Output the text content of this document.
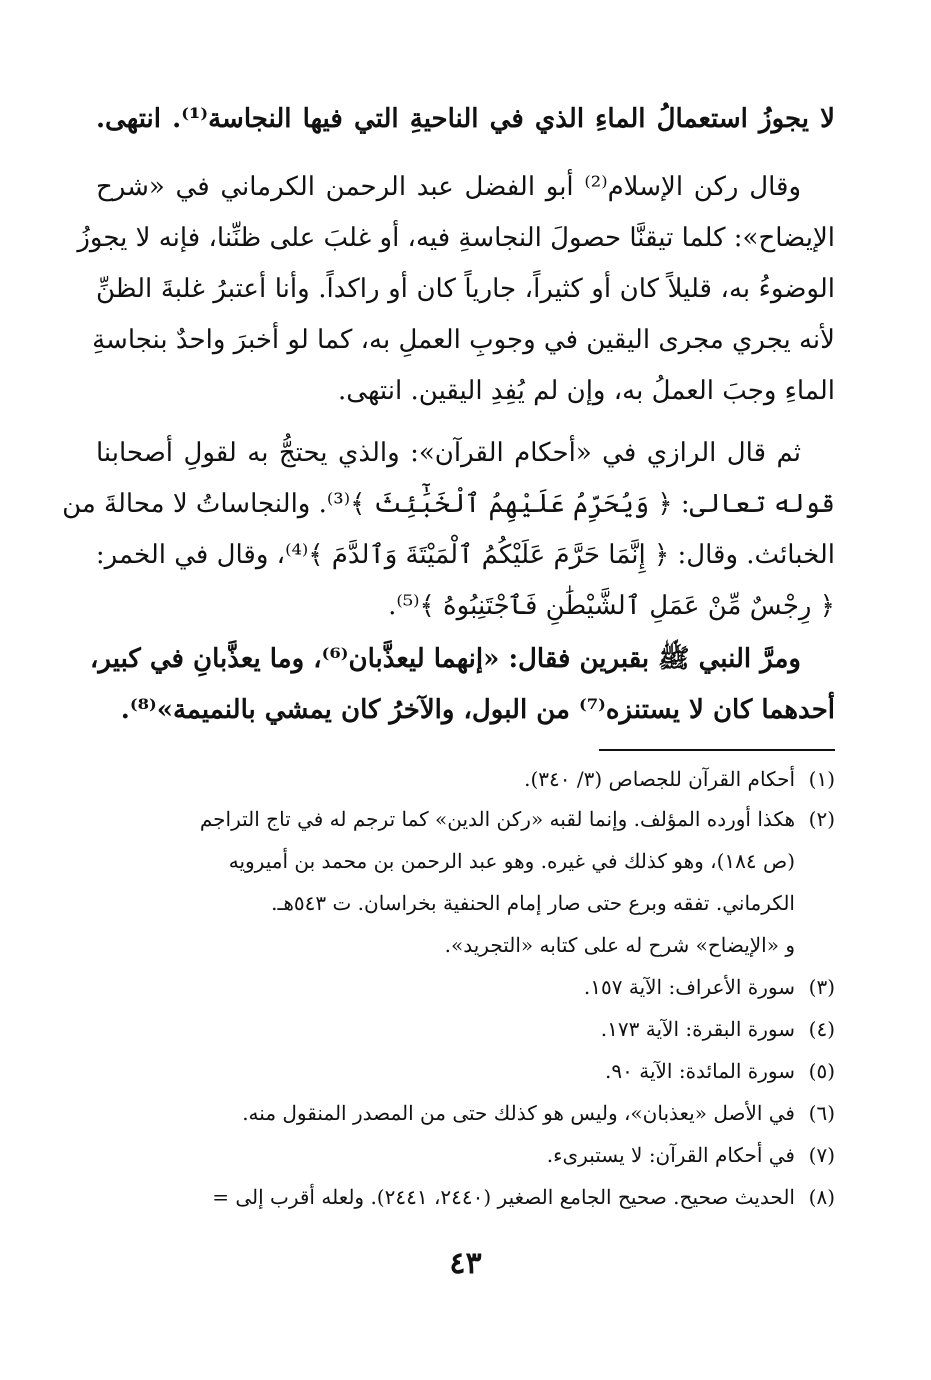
لا يجوزُ استعمالُ الماءِ الذي في الناحيةِ التي فيها النجاسة⁽¹⁾. انتهى.
وقال ركن الإسلام⁽²⁾ أبو الفضل عبد الرحمن الكرماني في «شرح
الإيضاح»: كلما تيقنَّا حصولَ النجاسةِ فيه، أو غلبَ على ظنِّنا، فإنه لا يجوزُ
الوضوءُ به، قليلاً كان أو كثيراً، جارياً كان أو راكداً. وأنا أعتبرُ غلبةَ الظنِّ
لأنه يجري مجرى اليقين في وجوبِ العملِ به، كما لو أخبرَ واحدٌ بنجاسةِ
الماءِ وجبَ العملُ به، وإن لم يُفِدِ اليقين. انتهى.
ثم قال الرازي في «أحكام القرآن»: والذي يحتجُّ به لقولِ أصحابنا
قوله تعالى: ﴿ وَيُحَرِّمُ عَلَيْهِمُ ٱلْخَبَٰٓئِثَ ﴾⁽³⁾. والنجاساتُ لا محالةَ من
الخبائث. وقال: ﴿ إِنَّمَا حَرَّمَ عَلَيْكُمُ ٱلْمَيْتَةَ وَٱلدَّمَ ﴾⁽⁴⁾، وقال في الخمر:
﴿ رِجْسٌ مِّنْ عَمَلِ ٱلشَّيْطَٰنِ فَٱجْتَنِبُوهُ ﴾⁽⁵⁾.
ومرَّ النبي ﷺ بقبرين فقال: «إنهما ليعذَّبان⁽⁶⁾، وما يعذَّبانِ في كبير،
أحدهما كان لا يستنزه⁽⁷⁾ من البول، والآخرُ كان يمشي بالنميمة»⁽⁸⁾.
(١)أحكام القرآن للجصاص (٣/ ٣٤٠).
(٢)هكذا أورده المؤلف. وإنما لقبه «ركن الدين» كما ترجم له في تاج التراجم
(ص ١٨٤)، وهو كذلك في غيره. وهو عبد الرحمن بن محمد بن أميرويه
الكرماني. تفقه وبرع حتى صار إمام الحنفية بخراسان. ت ٥٤٣هـ.
و «الإيضاح» شرح له على كتابه «التجريد».
(٣)سورة الأعراف: الآية ١٥٧.
(٤)سورة البقرة: الآية ١٧٣.
(٥)سورة المائدة: الآية ٩٠.
(٦)في الأصل «يعذبان»، وليس هو كذلك حتى من المصدر المنقول منه.
(٧)في أحكام القرآن: لا يستبرىء.
(٨)الحديث صحيح. صحيح الجامع الصغير (٢٤٤٠، ٢٤٤١). ولعله أقرب إلى =
٤٣
